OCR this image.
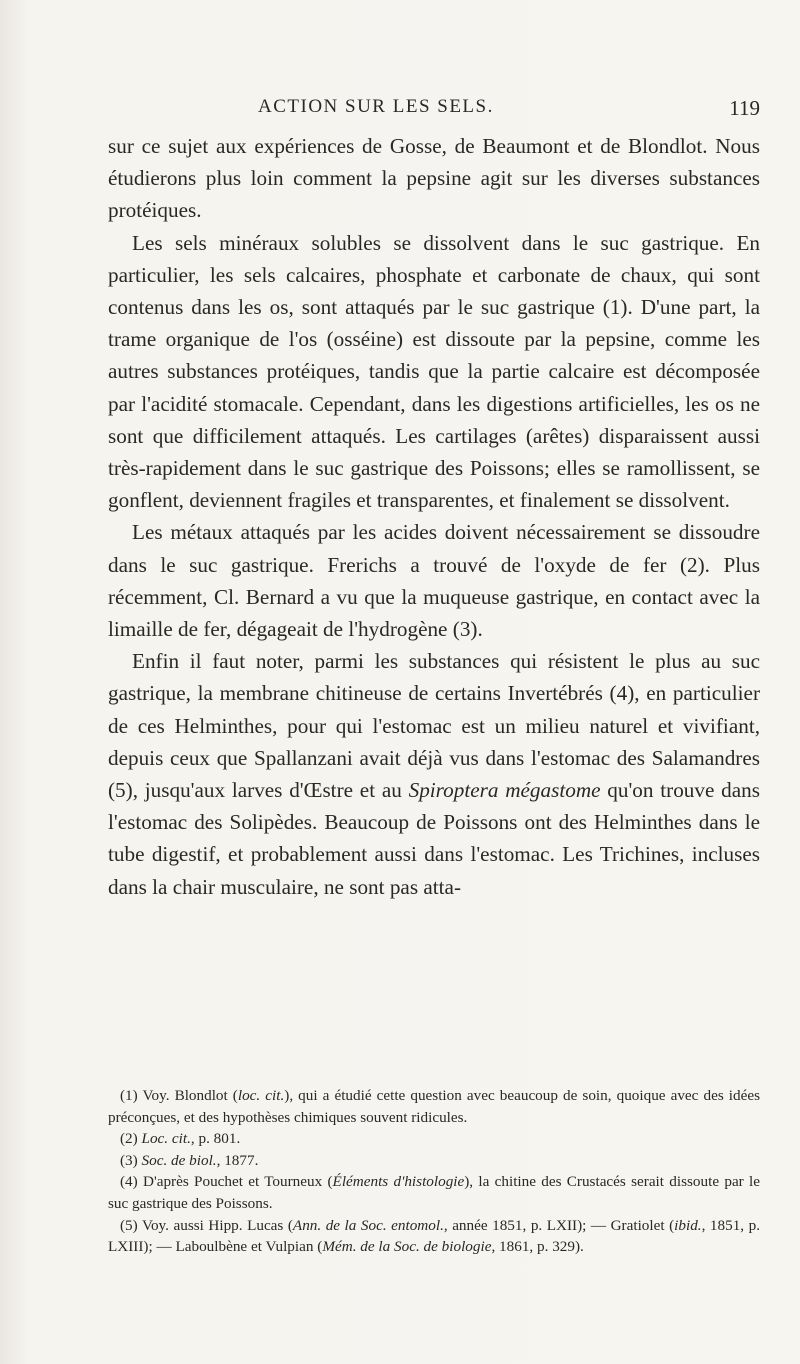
ACTION SUR LES SELS.	119

sur ce sujet aux expériences de Gosse, de Beaumont et de Blondlot. Nous étudierons plus loin comment la pepsine agit sur les diverses substances protéiques.

Les sels minéraux solubles se dissolvent dans le suc gastrique. En particulier, les sels calcaires, phosphate et carbonate de chaux, qui sont contenus dans les os, sont attaqués par le suc gastrique (1). D'une part, la trame organique de l'os (osséine) est dissoute par la pepsine, comme les autres substances protéiques, tandis que la partie calcaire est décomposée par l'acidité stomacale. Cependant, dans les digestions artificielles, les os ne sont que difficilement attaqués. Les cartilages (arêtes) disparaissent aussi très-rapidement dans le suc gastrique des Poissons; elles se ramollissent, se gonflent, deviennent fragiles et transparentes, et finalement se dissolvent.

Les métaux attaqués par les acides doivent nécessairement se dissoudre dans le suc gastrique. Frerichs a trouvé de l'oxyde de fer (2). Plus récemment, Cl. Bernard a vu que la muqueuse gastrique, en contact avec la limaille de fer, dégageait de l'hydrogène (3).

Enfin il faut noter, parmi les substances qui résistent le plus au suc gastrique, la membrane chitineuse de certains Invertébrés (4), en particulier de ces Helminthes, pour qui l'estomac est un milieu naturel et vivifiant, depuis ceux que Spallanzani avait déjà vus dans l'estomac des Salamandres (5), jusqu'aux larves d'Œstre et au Spiroptera mégastome qu'on trouve dans l'estomac des Solipèdes. Beaucoup de Poissons ont des Helminthes dans le tube digestif, et probablement aussi dans l'estomac. Les Trichines, incluses dans la chair musculaire, ne sont pas atta-

(1) Voy. Blondlot (loc. cit.), qui a étudié cette question avec beaucoup de soin, quoique avec des idées préconçues, et des hypothèses chimiques souvent ridicules.

(2) Loc. cit., p. 801.

(3) Soc. de biol., 1877.

(4) D'après Pouchet et Tourneux (Éléments d'histologie), la chitine des Crustacés serait dissoute par le suc gastrique des Poissons.

(5) Voy. aussi Hipp. Lucas (Ann. de la Soc. entomol., année 1851, p. LXII); — Gratiolet (ibid., 1851, p. LXIII); — Laboulbène et Vulpian (Mém. de la Soc. de biologie, 1861, p. 329).
